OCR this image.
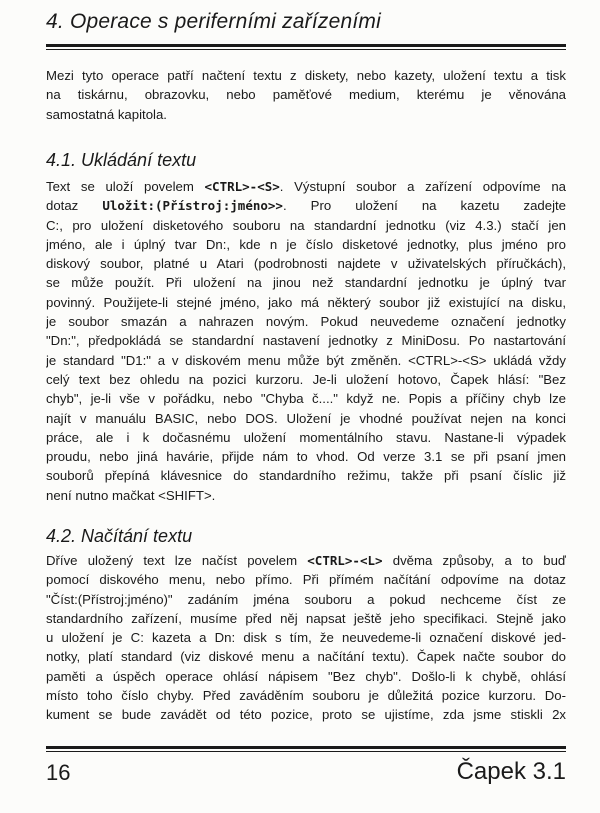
4. Operace s periferními zařízeními

Mezi tyto operace patří načtení textu z diskety, nebo kazety, uložení textu a tisk
na tiskárnu, obrazovku, nebo paměťové medium, kterému je věnována
samostatná kapitola.

4.1. Ukládání textu

Text se uloží povelem <CTRL>-<S>. Výstupní soubor a zařízení odpovíme na
dotaz Uložit:(Přístroj:jméno>>. Pro uložení na kazetu zadejte
C:, pro uložení disketového souboru na standardní jednotku (viz 4.3.) stačí jen
jméno, ale i úplný tvar Dn:, kde n je číslo disketové jednotky, plus jméno pro
diskový soubor, platné u Atari (podrobnosti najdete v uživatelských příručkách),
se může použít. Při uložení na jinou než standardní jednotku je úplný tvar
povinný. Použijete-li stejné jméno, jako má některý soubor již existující na disku,
je soubor smazán a nahrazen novým. Pokud neuvedeme označení jednotky
"Dn:", předpokládá se standardní nastavení jednotky z MiniDosu. Po nastartování
je standard "D1:" a v diskovém menu může být změněn. <CTRL>-<S> ukládá vždy
celý text bez ohledu na pozici kurzoru. Je-li uložení hotovo, Čapek hlásí: "Bez
chyb", je-li vše v pořádku, nebo "Chyba č...." když ne. Popis a příčiny chyb lze
najít v manuálu BASIC, nebo DOS. Uložení je vhodné používat nejen na konci
práce, ale i k dočasnému uložení momentálního stavu. Nastane-li výpadek
proudu, nebo jiná havárie, přijde nám to vhod. Od verze 3.1 se při psaní jmen
souborů přepíná klávesnice do standardního režimu, takže při psaní číslic již
není nutno mačkat <SHIFT>.

4.2. Načítání textu

Dříve uložený text lze načíst povelem <CTRL>-<L> dvěma způsoby, a to buď
pomocí diskového menu, nebo přímo. Při přímém načítání odpovíme na dotaz
"Číst:(Přístroj:jméno)" zadáním jména souboru a pokud nechceme číst ze
standardního zařízení, musíme před něj napsat ještě jeho specifikaci. Stejně jako
u uložení je C: kazeta a Dn: disk s tím, že neuvedeme-li označení diskové jed-
notky, platí standard (viz diskové menu a načítání textu). Čapek načte soubor do
paměti a úspěch operace ohlásí nápisem "Bez chyb". Došlo-li k chybě, ohlásí
místo toho číslo chyby. Před zaváděním souboru je důležitá pozice kurzoru. Do-
kument se bude zavádět od této pozice, proto se ujistíme, zda jsme stiskli 2x

16	Čapek 3.1
